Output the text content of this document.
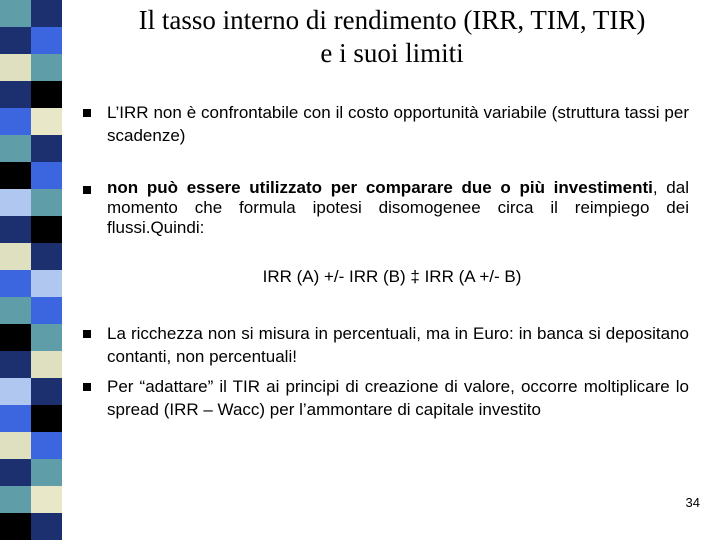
Il tasso interno di rendimento (IRR, TIM, TIR)
e i suoi limiti
L’IRR non è confrontabile con il costo opportunità variabile (struttura tassi per scadenze)
non può essere utilizzato per comparare due o più investimenti, dal momento che formula ipotesi disomogenee circa il reimpiego dei flussi.Quindi:
IRR (A) +/- IRR (B) ‡ IRR (A +/- B)
La ricchezza non si misura in percentuali, ma in Euro: in banca si depositano contanti, non percentuali!
Per “adattare” il TIR ai principi di creazione di valore, occorre moltiplicare lo spread (IRR – Wacc) per l’ammontare di capitale investito
34
